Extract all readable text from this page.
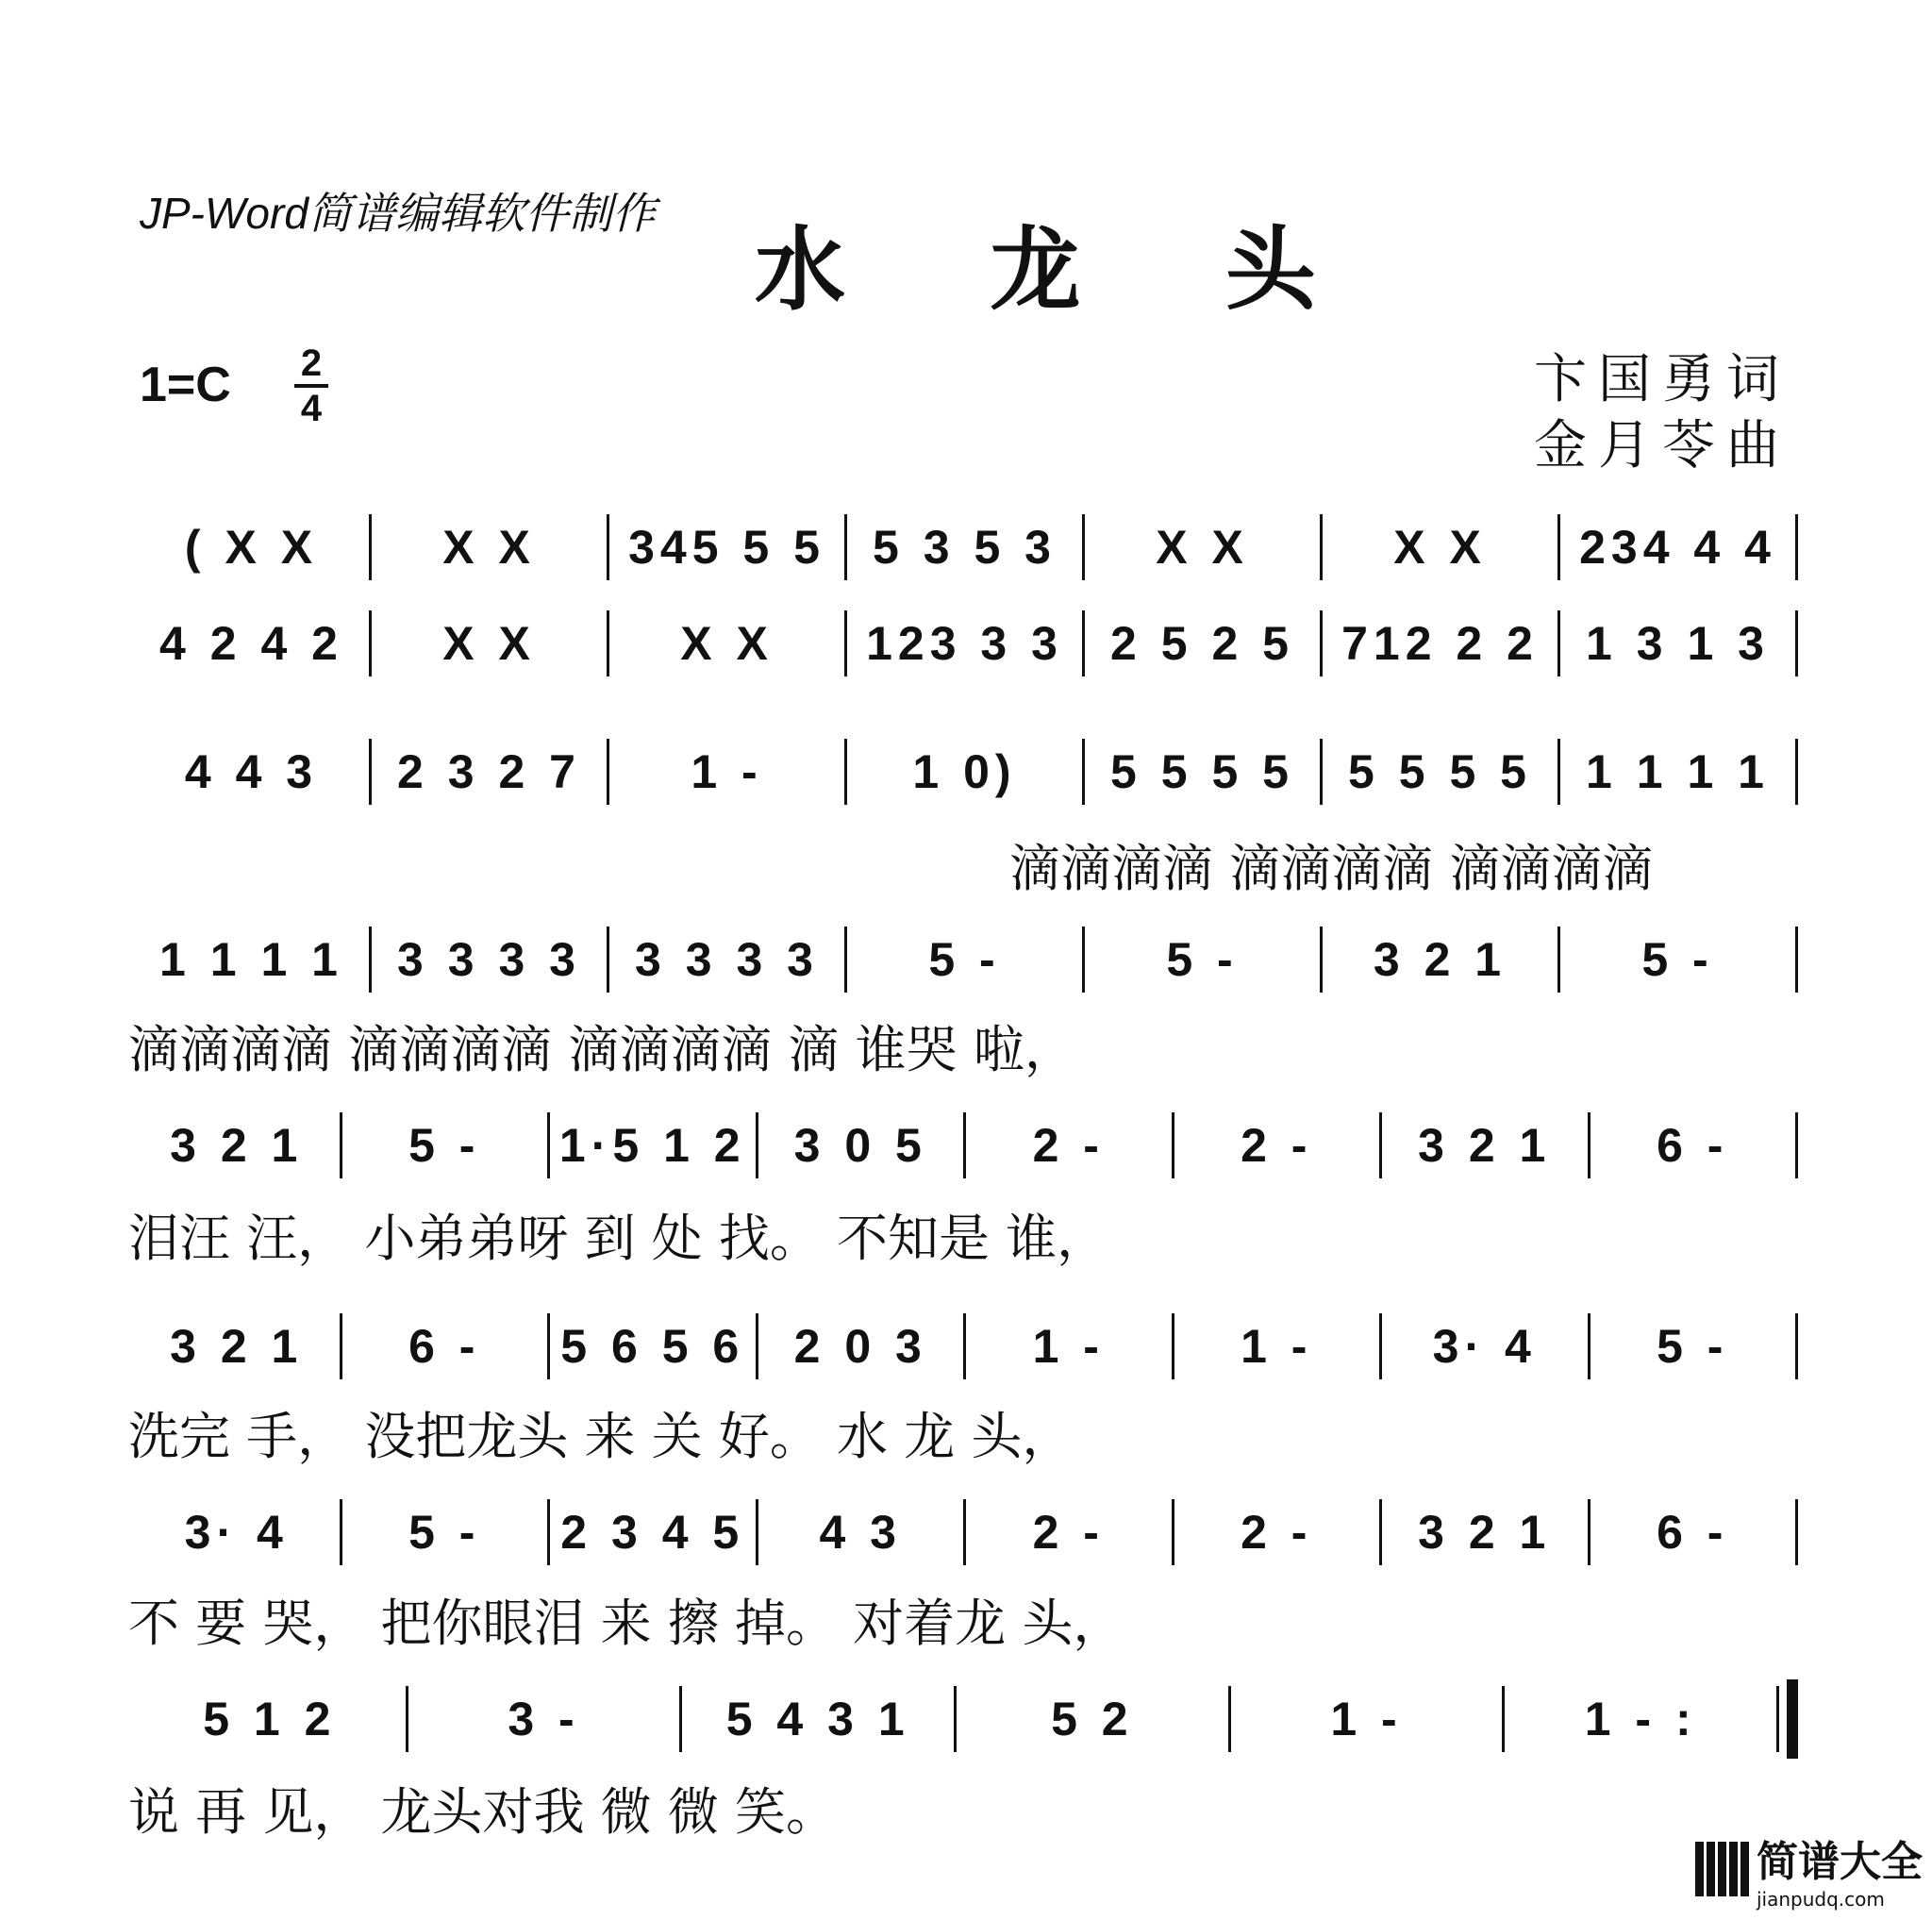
JP-Word简谱编辑软件制作
水 龙 头
1=C 2
4	卞国勇词
金月苓曲
( X X	X X	345 5 5	5 3 5 3	X X	X X	234 4 4
4 2 4 2	X X	X X	123 3 3	2 5 2 5	712 2 2	1 3 1 3
4 4 3	2 3 2 7	1 -	1 0)	5 5 5 5	5 5 5 5	1 1 1 1
滴滴滴滴 滴滴滴滴 滴滴滴滴
1 1 1 1	3 3 3 3	3 3 3 3	5 -	5 -	3 2 1	5 -
滴滴滴滴 滴滴滴滴 滴滴滴滴 滴 谁哭 啦，
3 2 1	5 -	1·5 1 2	3 0 5	2 -	2 -	3 2 1	6 -
泪汪 汪， 小弟弟呀 到 处 找。 不知是 谁，
3 2 1	6 -	5 6 5 6	2 0 3	1 -	1 -	3· 4	5 -
洗完 手， 没把龙头 来 关 好。 水 龙 头，
3· 4	5 -	2 3 4 5	4 3	2 -	2 -	3 2 1	6 -
不 要 哭， 把你眼泪 来 擦 掉。 对着龙 头，
5 1 2	3 -	5 4 3 1	5 2	1 -	1 - :
说 再 见， 龙头对我 微 微 笑。
简谱大全
jianpudq.com
